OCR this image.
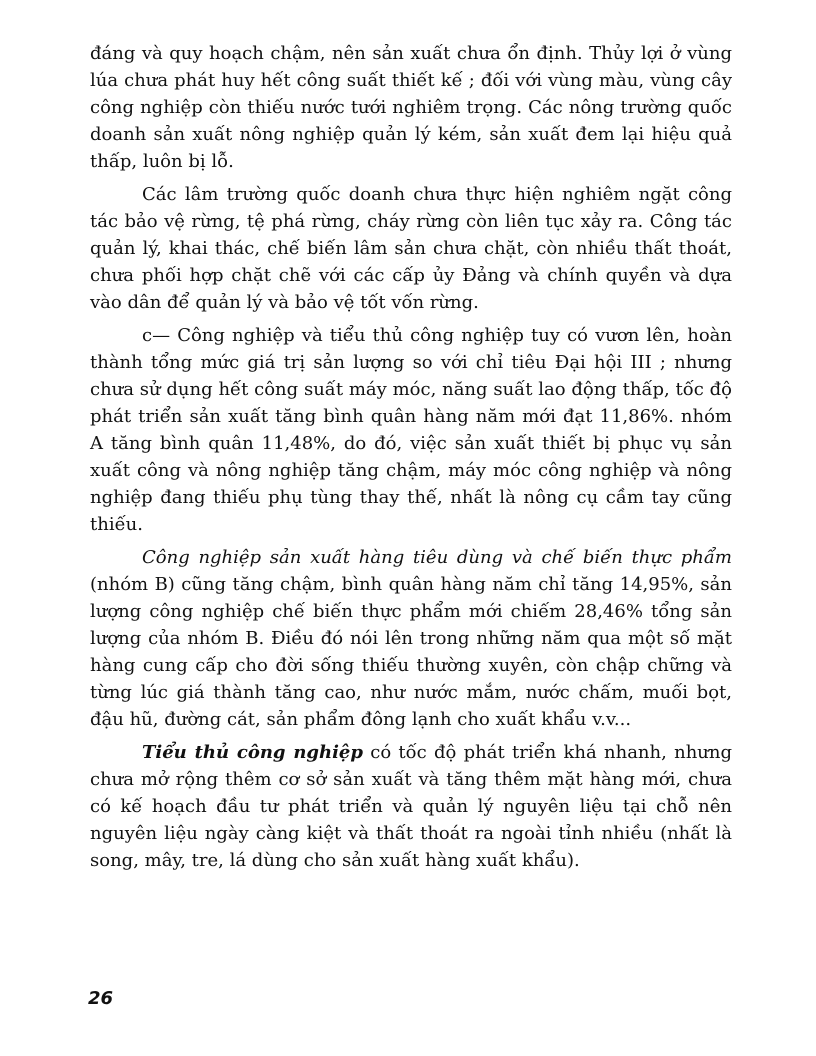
đáng và quy hoạch chậm, nên sản xuất chưa ổn định. Thủy lợi ở vùng lúa chưa phát huy hết công suất thiết kế ; đối với vùng màu, vùng cây công nghiệp còn thiếu nước tưới nghiêm trọng. Các nông trường quốc doanh sản xuất nông nghiệp quản lý kém, sản xuất đem lại hiệu quả thấp, luôn bị lỗ.

Các lâm trường quốc doanh chưa thực hiện nghiêm ngặt công tác bảo vệ rừng, tệ phá rừng, cháy rừng còn liên tục xảy ra. Công tác quản lý, khai thác, chế biến lâm sản chưa chặt, còn nhiều thất thoát, chưa phối hợp chặt chẽ với các cấp ủy Đảng và chính quyền và dựa vào dân để quản lý và bảo vệ tốt vốn rừng.

c— Công nghiệp và tiểu thủ công nghiệp tuy có vươn lên, hoàn thành tổng mức giá trị sản lượng so với chỉ tiêu Đại hội III ; nhưng chưa sử dụng hết công suất máy móc, năng suất lao động thấp, tốc độ phát triển sản xuất tăng bình quân hàng năm mới đạt 11,86%. nhóm A tăng bình quân 11,48%, do đó, việc sản xuất thiết bị phục vụ sản xuất công và nông nghiệp tăng chậm, máy móc công nghiệp và nông nghiệp đang thiếu phụ tùng thay thế, nhất là nông cụ cầm tay cũng thiếu.

Công nghiệp sản xuất hàng tiêu dùng và chế biến thực phẩm (nhóm B) cũng tăng chậm, bình quân hàng năm chỉ tăng 14,95%, sản lượng công nghiệp chế biến thực phẩm mới chiếm 28,46% tổng sản lượng của nhóm B. Điều đó nói lên trong những năm qua một số mặt hàng cung cấp cho đời sống thiếu thường xuyên, còn chập chững và từng lúc giá thành tăng cao, như nước mắm, nước chấm, muối bọt, đậu hũ, đường cát, sản phẩm đông lạnh cho xuất khẩu v.v...

Tiểu thủ công nghiệp có tốc độ phát triển khá nhanh, nhưng chưa mở rộng thêm cơ sở sản xuất và tăng thêm mặt hàng mới, chưa có kế hoạch đầu tư phát triển và quản lý nguyên liệu tại chỗ nên nguyên liệu ngày càng kiệt và thất thoát ra ngoài tỉnh nhiều (nhất là song, mây, tre, lá dùng cho sản xuất hàng xuất khẩu).

26
